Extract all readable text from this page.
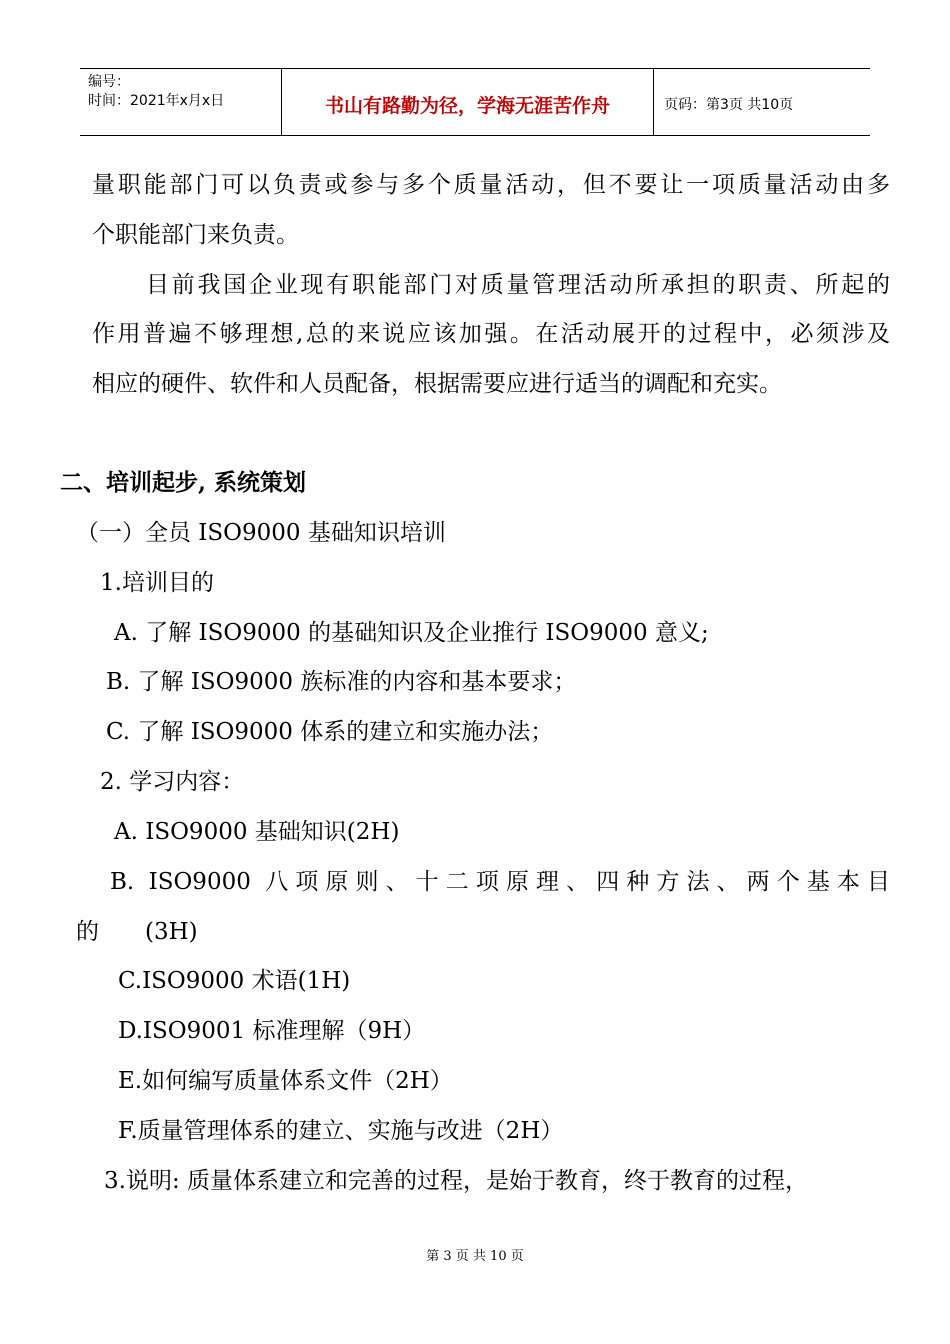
编号：
时间：2021年x月x日	书山有路勤为径，学海无涯苦作舟	页码：第3页 共10页
量职能部门可以负责或参与多个质量活动，但不要让一项质量活动由多
个职能部门来负责。
目前我国企业现有职能部门对质量管理活动所承担的职责、所起的
作用普遍不够理想,总的来说应该加强。在活动展开的过程中，必须涉及
相应的硬件、软件和人员配备，根据需要应进行适当的调配和充实。
二、培训起步, 系统策划
（一）全员 ISO9000 基础知识培训
1.培训目的
A. 了解 ISO9000 的基础知识及企业推行 ISO9000 意义;
B. 了解 ISO9000 族标准的内容和基本要求；
C. 了解 ISO9000 体系的建立和实施办法；
2. 学习内容：
A. ISO9000 基础知识(2H)
B. ISO9000 八项原则、十二项原理、四种方法、两个基本目
的　　(3H)
C.ISO9000 术语(1H)
D.ISO9001 标准理解（9H）
E.如何编写质量体系文件（2H）
F.质量管理体系的建立、实施与改进（2H）
3.说明: 质量体系建立和完善的过程，是始于教育，终于教育的过程，
第 3 页 共 10 页
